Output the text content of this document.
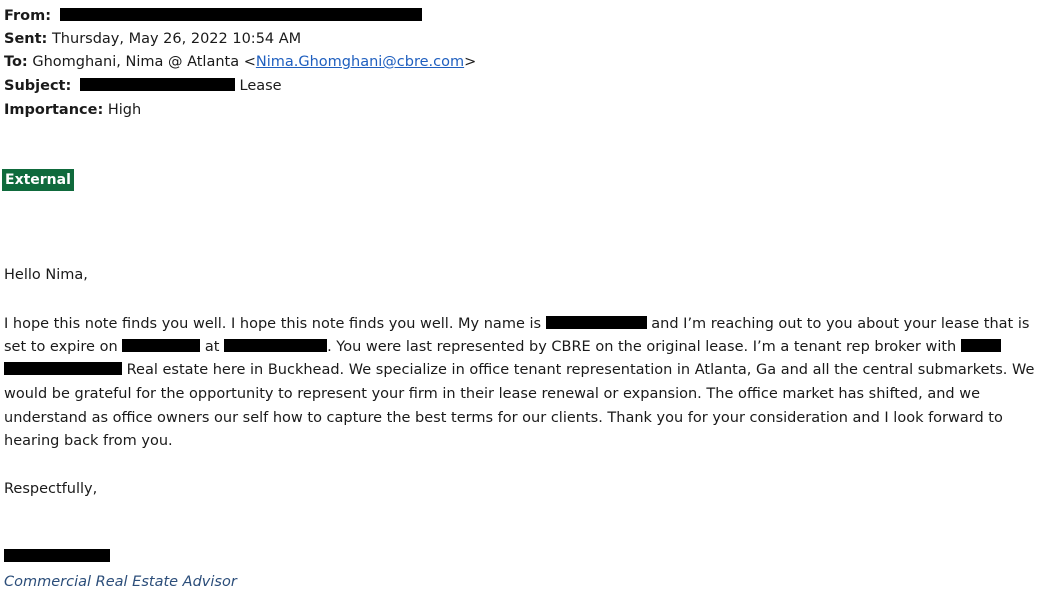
From:
Sent: Thursday, May 26, 2022 10:54 AM
To: Ghomghani, Nima @ Atlanta <Nima.Ghomghani@cbre.com>
Subject:	Lease
Importance: High
External
Hello Nima,
I hope this note finds you well. I hope this note finds you well. My name is	and I’m reaching out to you about your lease that is
set to expire on	at	. You were last represented by CBRE on the original lease. I’m a tenant rep broker with
Real estate here in Buckhead. We specialize in office tenant representation in Atlanta, Ga and all the central submarkets. We
would be grateful for the opportunity to represent your firm in their lease renewal or expansion. The office market has shifted, and we
understand as office owners our self how to capture the best terms for our clients. Thank you for your consideration and I look forward to
hearing back from you.
Respectfully,
Commercial Real Estate Advisor
